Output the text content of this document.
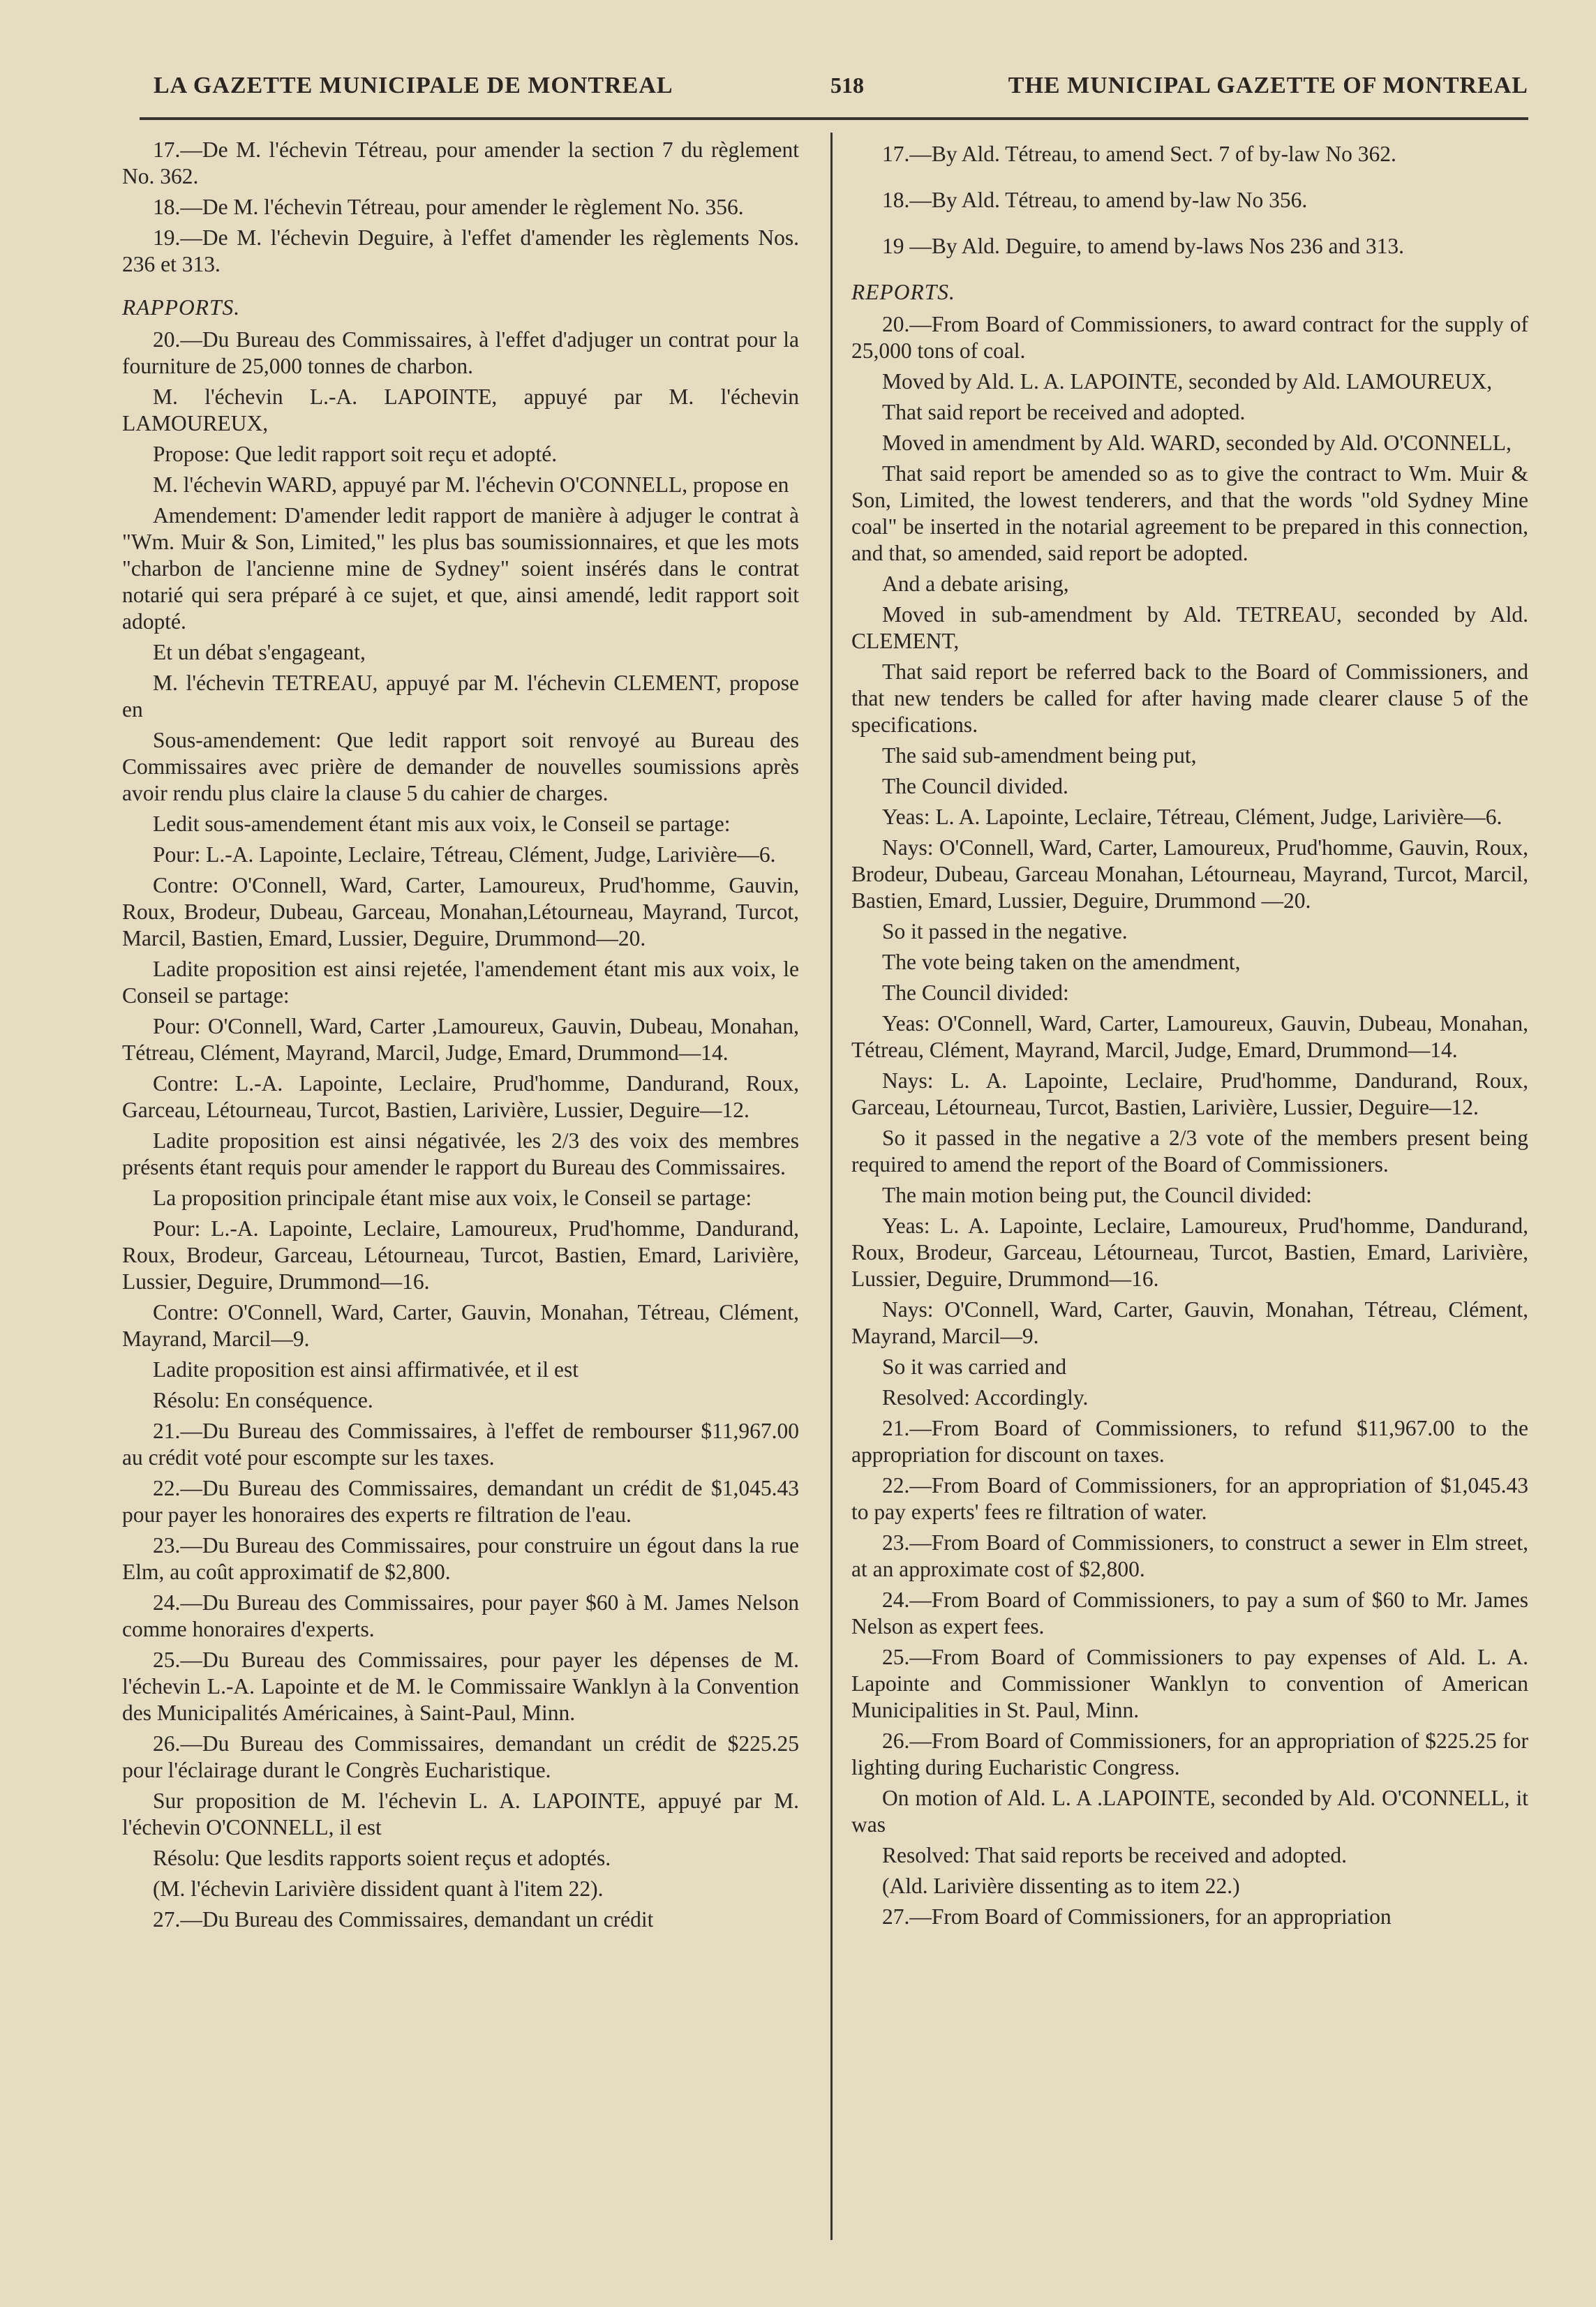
LA GAZETTE MUNICIPALE DE MONTREAL	518	THE MUNICIPAL GAZETTE OF MONTREAL

17.—De M. l'échevin Tétreau, pour amender la section 7 du règlement No. 362.

18.—De M. l'échevin Tétreau, pour amender le règlement No. 356.

19.—De M. l'échevin Deguire, à l'effet d'amender les règlements Nos. 236 et 313.

RAPPORTS.

20.—Du Bureau des Commissaires, à l'effet d'adjuger un contrat pour la fourniture de 25,000 tonnes de charbon.

M. l'échevin L.-A. LAPOINTE, appuyé par M. l'échevin LAMOUREUX,

Propose: Que ledit rapport soit reçu et adopté.

M. l'échevin WARD, appuyé par M. l'échevin O'CONNELL, propose en

Amendement: D'amender ledit rapport de manière à adjuger le contrat à "Wm. Muir & Son, Limited," les plus bas soumissionnaires, et que les mots "charbon de l'ancienne mine de Sydney" soient insérés dans le contrat notarié qui sera préparé à ce sujet, et que, ainsi amendé, ledit rapport soit adopté.

Et un débat s'engageant,

M. l'échevin TETREAU, appuyé par M. l'échevin CLEMENT, propose en

Sous-amendement: Que ledit rapport soit renvoyé au Bureau des Commissaires avec prière de demander de nouvelles soumissions après avoir rendu plus claire la clause 5 du cahier de charges.

Ledit sous-amendement étant mis aux voix, le Conseil se partage:

Pour: L.-A. Lapointe, Leclaire, Tétreau, Clément, Judge, Larivière—6.

Contre: O'Connell, Ward, Carter, Lamoureux, Prud'homme, Gauvin, Roux, Brodeur, Dubeau, Garceau, Monahan,Létourneau, Mayrand, Turcot, Marcil, Bastien, Emard, Lussier, Deguire, Drummond—20.

Ladite proposition est ainsi rejetée, l'amendement étant mis aux voix, le Conseil se partage:

Pour: O'Connell, Ward, Carter ,Lamoureux, Gauvin, Dubeau, Monahan, Tétreau, Clément, Mayrand, Marcil, Judge, Emard, Drummond—14.

Contre: L.-A. Lapointe, Leclaire, Prud'homme, Dandurand, Roux, Garceau, Létourneau, Turcot, Bastien, Larivière, Lussier, Deguire—12.

Ladite proposition est ainsi négativée, les 2/3 des voix des membres présents étant requis pour amender le rapport du Bureau des Commissaires.

La proposition principale étant mise aux voix, le Conseil se partage:

Pour: L.-A. Lapointe, Leclaire, Lamoureux, Prud'homme, Dandurand, Roux, Brodeur, Garceau, Létourneau, Turcot, Bastien, Emard, Larivière, Lussier, Deguire, Drummond—16.

Contre: O'Connell, Ward, Carter, Gauvin, Monahan, Tétreau, Clément, Mayrand, Marcil—9.

Ladite proposition est ainsi affirmativée, et il est

Résolu: En conséquence.

21.—Du Bureau des Commissaires, à l'effet de rembourser $11,967.00 au crédit voté pour escompte sur les taxes.

22.—Du Bureau des Commissaires, demandant un crédit de $1,045.43 pour payer les honoraires des experts re filtration de l'eau.

23.—Du Bureau des Commissaires, pour construire un égout dans la rue Elm, au coût approximatif de $2,800.

24.—Du Bureau des Commissaires, pour payer $60 à M. James Nelson comme honoraires d'experts.

25.—Du Bureau des Commissaires, pour payer les dépenses de M. l'échevin L.-A. Lapointe et de M. le Commissaire Wanklyn à la Convention des Municipalités Américaines, à Saint-Paul, Minn.

26.—Du Bureau des Commissaires, demandant un crédit de $225.25 pour l'éclairage durant le Congrès Eucharistique.

Sur proposition de M. l'échevin L. A. LAPOINTE, appuyé par M. l'échevin O'CONNELL, il est

Résolu: Que lesdits rapports soient reçus et adoptés.

(M. l'échevin Larivière dissident quant à l'item 22).

27.—Du Bureau des Commissaires, demandant un crédit

17.—By Ald. Tétreau, to amend Sect. 7 of by-law No 362.

18.—By Ald. Tétreau, to amend by-law No 356.

19 —By Ald. Deguire, to amend by-laws Nos 236 and 313.

REPORTS.

20.—From Board of Commissioners, to award contract for the supply of 25,000 tons of coal.

Moved by Ald. L. A. LAPOINTE, seconded by Ald. LAMOUREUX,

That said report be received and adopted.

Moved in amendment by Ald. WARD, seconded by Ald. O'CONNELL,

That said report be amended so as to give the contract to Wm. Muir & Son, Limited, the lowest tenderers, and that the words "old Sydney Mine coal" be inserted in the notarial agreement to be prepared in this connection, and that, so amended, said report be adopted.

And a debate arising,

Moved in sub-amendment by Ald. TETREAU, seconded by Ald. CLEMENT,

That said report be referred back to the Board of Commissioners, and that new tenders be called for after having made clearer clause 5 of the specifications.

The said sub-amendment being put,

The Council divided.

Yeas: L. A. Lapointe, Leclaire, Tétreau, Clément, Judge, Larivière—6.

Nays: O'Connell, Ward, Carter, Lamoureux, Prud'homme, Gauvin, Roux, Brodeur, Dubeau, Garceau Monahan, Létourneau, Mayrand, Turcot, Marcil, Bastien, Emard, Lussier, Deguire, Drummond —20.

So it passed in the negative.

The vote being taken on the amendment,

The Council divided:

Yeas: O'Connell, Ward, Carter, Lamoureux, Gauvin, Dubeau, Monahan, Tétreau, Clément, Mayrand, Marcil, Judge, Emard, Drummond—14.

Nays: L. A. Lapointe, Leclaire, Prud'homme, Dandurand, Roux, Garceau, Létourneau, Turcot, Bastien, Larivière, Lussier, Deguire—12.

So it passed in the negative a 2/3 vote of the members present being required to amend the report of the Board of Commissioners.

The main motion being put, the Council divided:

Yeas: L. A. Lapointe, Leclaire, Lamoureux, Prud'homme, Dandurand, Roux, Brodeur, Garceau, Létourneau, Turcot, Bastien, Emard, Larivière, Lussier, Deguire, Drummond—16.

Nays: O'Connell, Ward, Carter, Gauvin, Monahan, Tétreau, Clément, Mayrand, Marcil—9.

So it was carried and

Resolved: Accordingly.

21.—From Board of Commissioners, to refund $11,967.00 to the appropriation for discount on taxes.

22.—From Board of Commissioners, for an appropriation of $1,045.43 to pay experts' fees re filtration of water.

23.—From Board of Commissioners, to construct a sewer in Elm street, at an approximate cost of $2,800.

24.—From Board of Commissioners, to pay a sum of $60 to Mr. James Nelson as expert fees.

25.—From Board of Commissioners to pay expenses of Ald. L. A. Lapointe and Commissioner Wanklyn to convention of American Municipalities in St. Paul, Minn.

26.—From Board of Commissioners, for an appropriation of $225.25 for lighting during Eucharistic Congress.

On motion of Ald. L. A .LAPOINTE, seconded by Ald. O'CONNELL, it was

Resolved: That said reports be received and adopted.

(Ald. Larivière dissenting as to item 22.)

27.—From Board of Commissioners, for an appropriation
